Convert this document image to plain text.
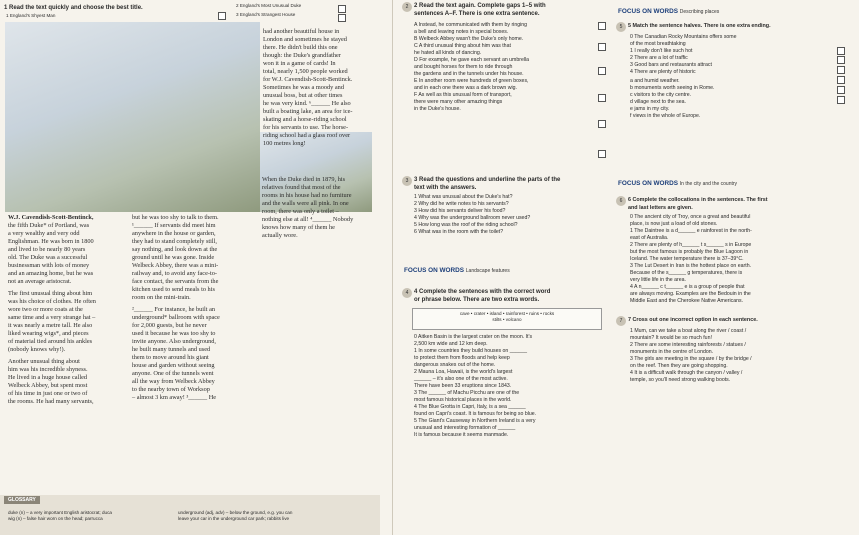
1 Read the text quickly and choose the best title.
1 England's Shyest Man
2 England's Most Unusual Duke
3 England's Strangest House
had another beautiful house in
London and sometimes he stayed
there. He didn't build this one
though: the Duke's grandfather
won it in a game of cards! In
total, nearly 1,500 people worked
for W.J. Cavendish-Scott-Bentinck.
Sometimes he was a moody and
unusual boss, but at other times
he was very kind. ⁶______ He also
built a boating lake, an area for ice-
skating and a horse-riding school
for his servants to use. The horse-
riding school had a glass roof over
100 metres long!
W.J. Cavendish-Scott-Bentinck,
the fifth Duke* of Portland, was
a very wealthy and very odd
Englishman. He was born in 1800
and lived to be nearly 80 years
old. The Duke was a successful
businessman with lots of money
and an amazing home, but he was
not an average aristocrat.
The first unusual thing about him
was his choice of clothes. He often
wore two or more coats at the
same time and a very strange hat –
it was nearly a metre tall. He also
liked wearing wigs*, and pieces
of material tied around his ankles
(nobody knows why!).
Another unusual thing about
him was his incredible shyness.
He lived in a huge house called
Welbeck Abbey, but spent most
of his time in just one or two of
the rooms. He had many servants,
but he was too shy to talk to them.
¹______ If servants did meet him
anywhere in the house or garden,
they had to stand completely still,
say nothing, and look down at the
ground until he was gone. Inside
Welbeck Abbey, there was a mini-
railway and, to avoid any face-to-
face contact, the servants from the
kitchen used to send meals to his
room on the mini-train.
²______ For instance, he built an
underground* ballroom with space
for 2,000 guests, but he never
used it because he was too shy to
invite anyone. Also underground,
he built many tunnels and used
them to move around his giant
house and garden without seeing
anyone. One of the tunnels went
all the way from Welbeck Abbey
to the nearby town of Worksop
– almost 3 km away! ³______ He
When the Duke died in 1879, his
relatives found that most of the
rooms in his house had no furniture
and the walls were all pink. In one
room, there was only a toilet –
nothing else at all! ⁴______ Nobody
knows how many of them he
actually wore.
GLOSSARY
duke (n) – a very important English aristocrat; duca
wig (n) – false hair worn on the head; parrucca
underground (adj, adv) – below the ground, e.g. you can
leave your car in the underground car park; rabbits live
2 2 Read the text again. Complete gaps 1–5 with
sentences A–F. There is one extra sentence.
A Instead, he communicated with them by ringing
a bell and leaving notes in special boxes.
B Welbeck Abbey wasn't the Duke's only home.
C A third unusual thing about him was that
he hated all kinds of dancing.
D For example, he gave each servant an umbrella
and bought horses for them to ride through
the gardens and in the tunnels under his house.
E In another room were hundreds of green boxes,
and in each one there was a dark brown wig.
F As well as this unusual form of transport,
there were many other amazing things
in the Duke's house.
3 3 Read the questions and underline the parts of the
text with the answers.
1 What was unusual about the Duke's hat?
2 Why did he write notes to his servants?
3 How did his servants deliver his food?
4 Why was the underground ballroom never used?
5 How long was the roof of the riding school?
6 What was in the room with the toilet?
FOCUS ON WORDS Landscape features
4 4 Complete the sentences with the correct word
or phrase below. There are two extra words.
cave • crater • island • rainforest • ruins • rocks
stilts • volcano
0 Aitken Basin is the largest crater on the moon. It's
2,500 km wide and 12 km deep.
1 In some countries they build houses on ______
to protect them from floods and help keep
dangerous snakes out of the home.
2 Mauna Loa, Hawaii, is the world's largest
______ – it's also one of the most active.
There have been 33 eruptions since 1843.
3 The ______ of Machu Picchu are one of the
most famous historical places in the world.
4 The Blue Grotta in Capri, Italy, is a sea ______
found on Capri's coast. It is famous for being so blue.
5 The Giant's Causeway in Northern Ireland is a very
unusual and interesting formation of ______
It is famous because it seems manmade.
FOCUS ON WORDS Describing places
5	5 Match the sentence halves. There is one extra ending.
0 The Canadian Rocky Mountains offers some
of the most breathtaking
1 I really don't like such hot
2 There are a lot of traffic
3 Good bars and restaurants attract
4 There are plenty of historic
a and humid weather.
b monuments worth seeing in Rome.
c visitors to the city centre.
d village next to the sea.
e jams in my city.
f views in the whole of Europe.
FOCUS ON WORDS In the city and the country
6	6 Complete the collocations in the sentences. The first
and last letters are given.
0 The ancient city of Troy, once a great and beautiful
place, is now just a load of old stones.
1 The Daintree is a d______ e rainforest in the north-
east of Australia.
2 There are plenty of h______ t s______ s in Europe
but the most famous is probably the Blue Lagoon in
Iceland. The water temperature there is 37–39°C.
3 The Lut Desert in Iran is the hottest place on earth.
Because of the s______ g temperatures, there is
very little life in the area.
4 A n______ c t______ e is a group of people that
are always moving. Examples are the Bedouin in the
Middle East and the Cherokee Native Americans.
7	7 Cross out one incorrect option in each sentence.
1 Mum, can we take a boat along the river / coast /
mountain? It would be so much fun!
2 There are some interesting rainforests / statues /
monuments in the centre of London.
3 The girls are meeting in the square / by the bridge /
on the reef. Then they are going shopping.
4 It is a difficult walk through the canyon / valley /
temple, so you'll need strong walking boots.
